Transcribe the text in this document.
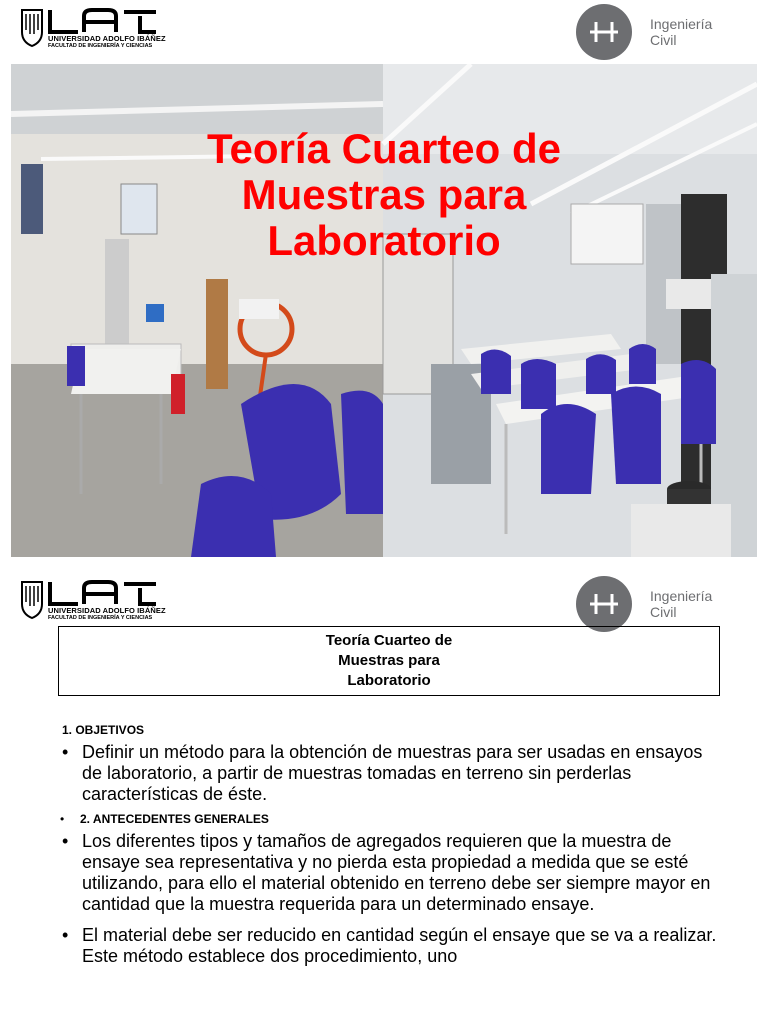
UNIVERSIDAD ADOLFO IBÁÑEZ
FACULTAD DE INGENIERÍA Y CIENCIAS
Ingeniería
Civil
Teoría Cuarteo de
Muestras para
Laboratorio
UNIVERSIDAD ADOLFO IBÁÑEZ
FACULTAD DE INGENIERÍA Y CIENCIAS
Ingeniería
Civil
Teoría Cuarteo de
Muestras para
Laboratorio
1. OBJETIVOS
• Definir un método para la obtención de muestras para ser usadas en ensayos de laboratorio, a partir de muestras tomadas en terreno sin perderlas características de éste.
• 2. ANTECEDENTES GENERALES
• Los diferentes tipos y tamaños de agregados requieren que la muestra de ensaye sea representativa y no pierda esta propiedad a medida que se esté utilizando, para ello el material obtenido en terreno debe ser siempre mayor en cantidad que la muestra requerida para un determinado ensaye.
• El material debe ser reducido en cantidad según el ensaye que se va a realizar. Este método establece dos procedimiento, uno
